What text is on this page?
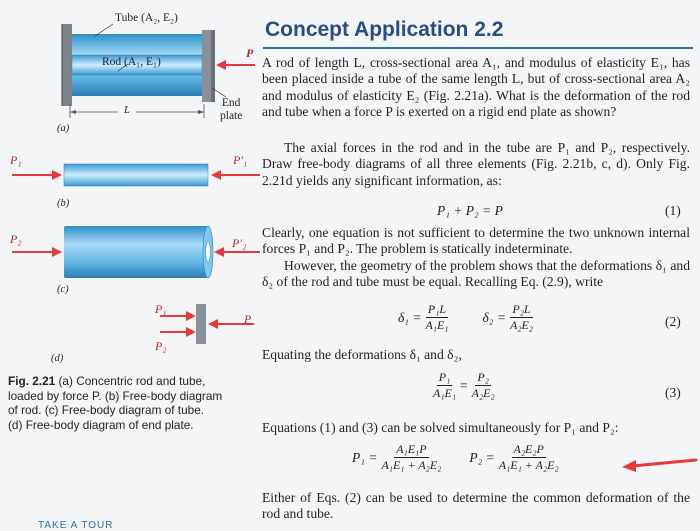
Tube (A₂, E₂)
Rod (A₁, E₁)
P
L
End
plate
(a)
P₁	P′₁
(b)
P₂	P′₂
(c)
P₁
P₂
P
(d)
Fig. 2.21 (a) Concentric rod and tube,
loaded by force P. (b) Free-body diagram
of rod. (c) Free-body diagram of tube.
(d) Free-body diagram of end plate.
TAKE A TOUR
Concept Application 2.2
A rod of length L, cross-sectional area A₁, and modulus of elasticity E₁, has been placed inside a tube of the same length L, but of cross-sectional area A₂ and modulus of elasticity E₂ (Fig. 2.21a). What is the deformation of the rod and tube when a force P is exerted on a rigid end plate as shown?
The axial forces in the rod and in the tube are P₁ and P₂, respectively. Draw free-body diagrams of all three elements (Fig. 2.21b, c, d). Only Fig. 2.21d yields any significant information, as:
P₁ + P₂ = P	(1)
Clearly, one equation is not sufficient to determine the two unknown internal forces P₁ and P₂. The problem is statically indeterminate.
However, the geometry of the problem shows that the deformations δ₁ and δ₂ of the rod and tube must be equal. Recalling Eq. (2.9), write
$\delta_1 = \frac{\text{P₁L}}{\text{A₁E₁}}$	$\delta_2 = \frac{\text{P₂L}}{\text{A₂E₂}}$	(2)
Equating the deformations δ₁ and δ₂,
$\frac{\text{P₁}}{\text{A₁E₁}} = \frac{\text{P₂}}{\text{A₂E₂}}$	(3)
Equations (1) and (3) can be solved simultaneously for P₁ and P₂:
$P_1 = \frac{\text{A₁E₁P}}{\text{A₁E₁ + A₂E₂}} P_2 = \frac{\text{A₂E₂P}}{\text{A₁E₁ + A₂E₂}}$
Either of Eqs. (2) can be used to determine the common deformation of the rod and tube.
